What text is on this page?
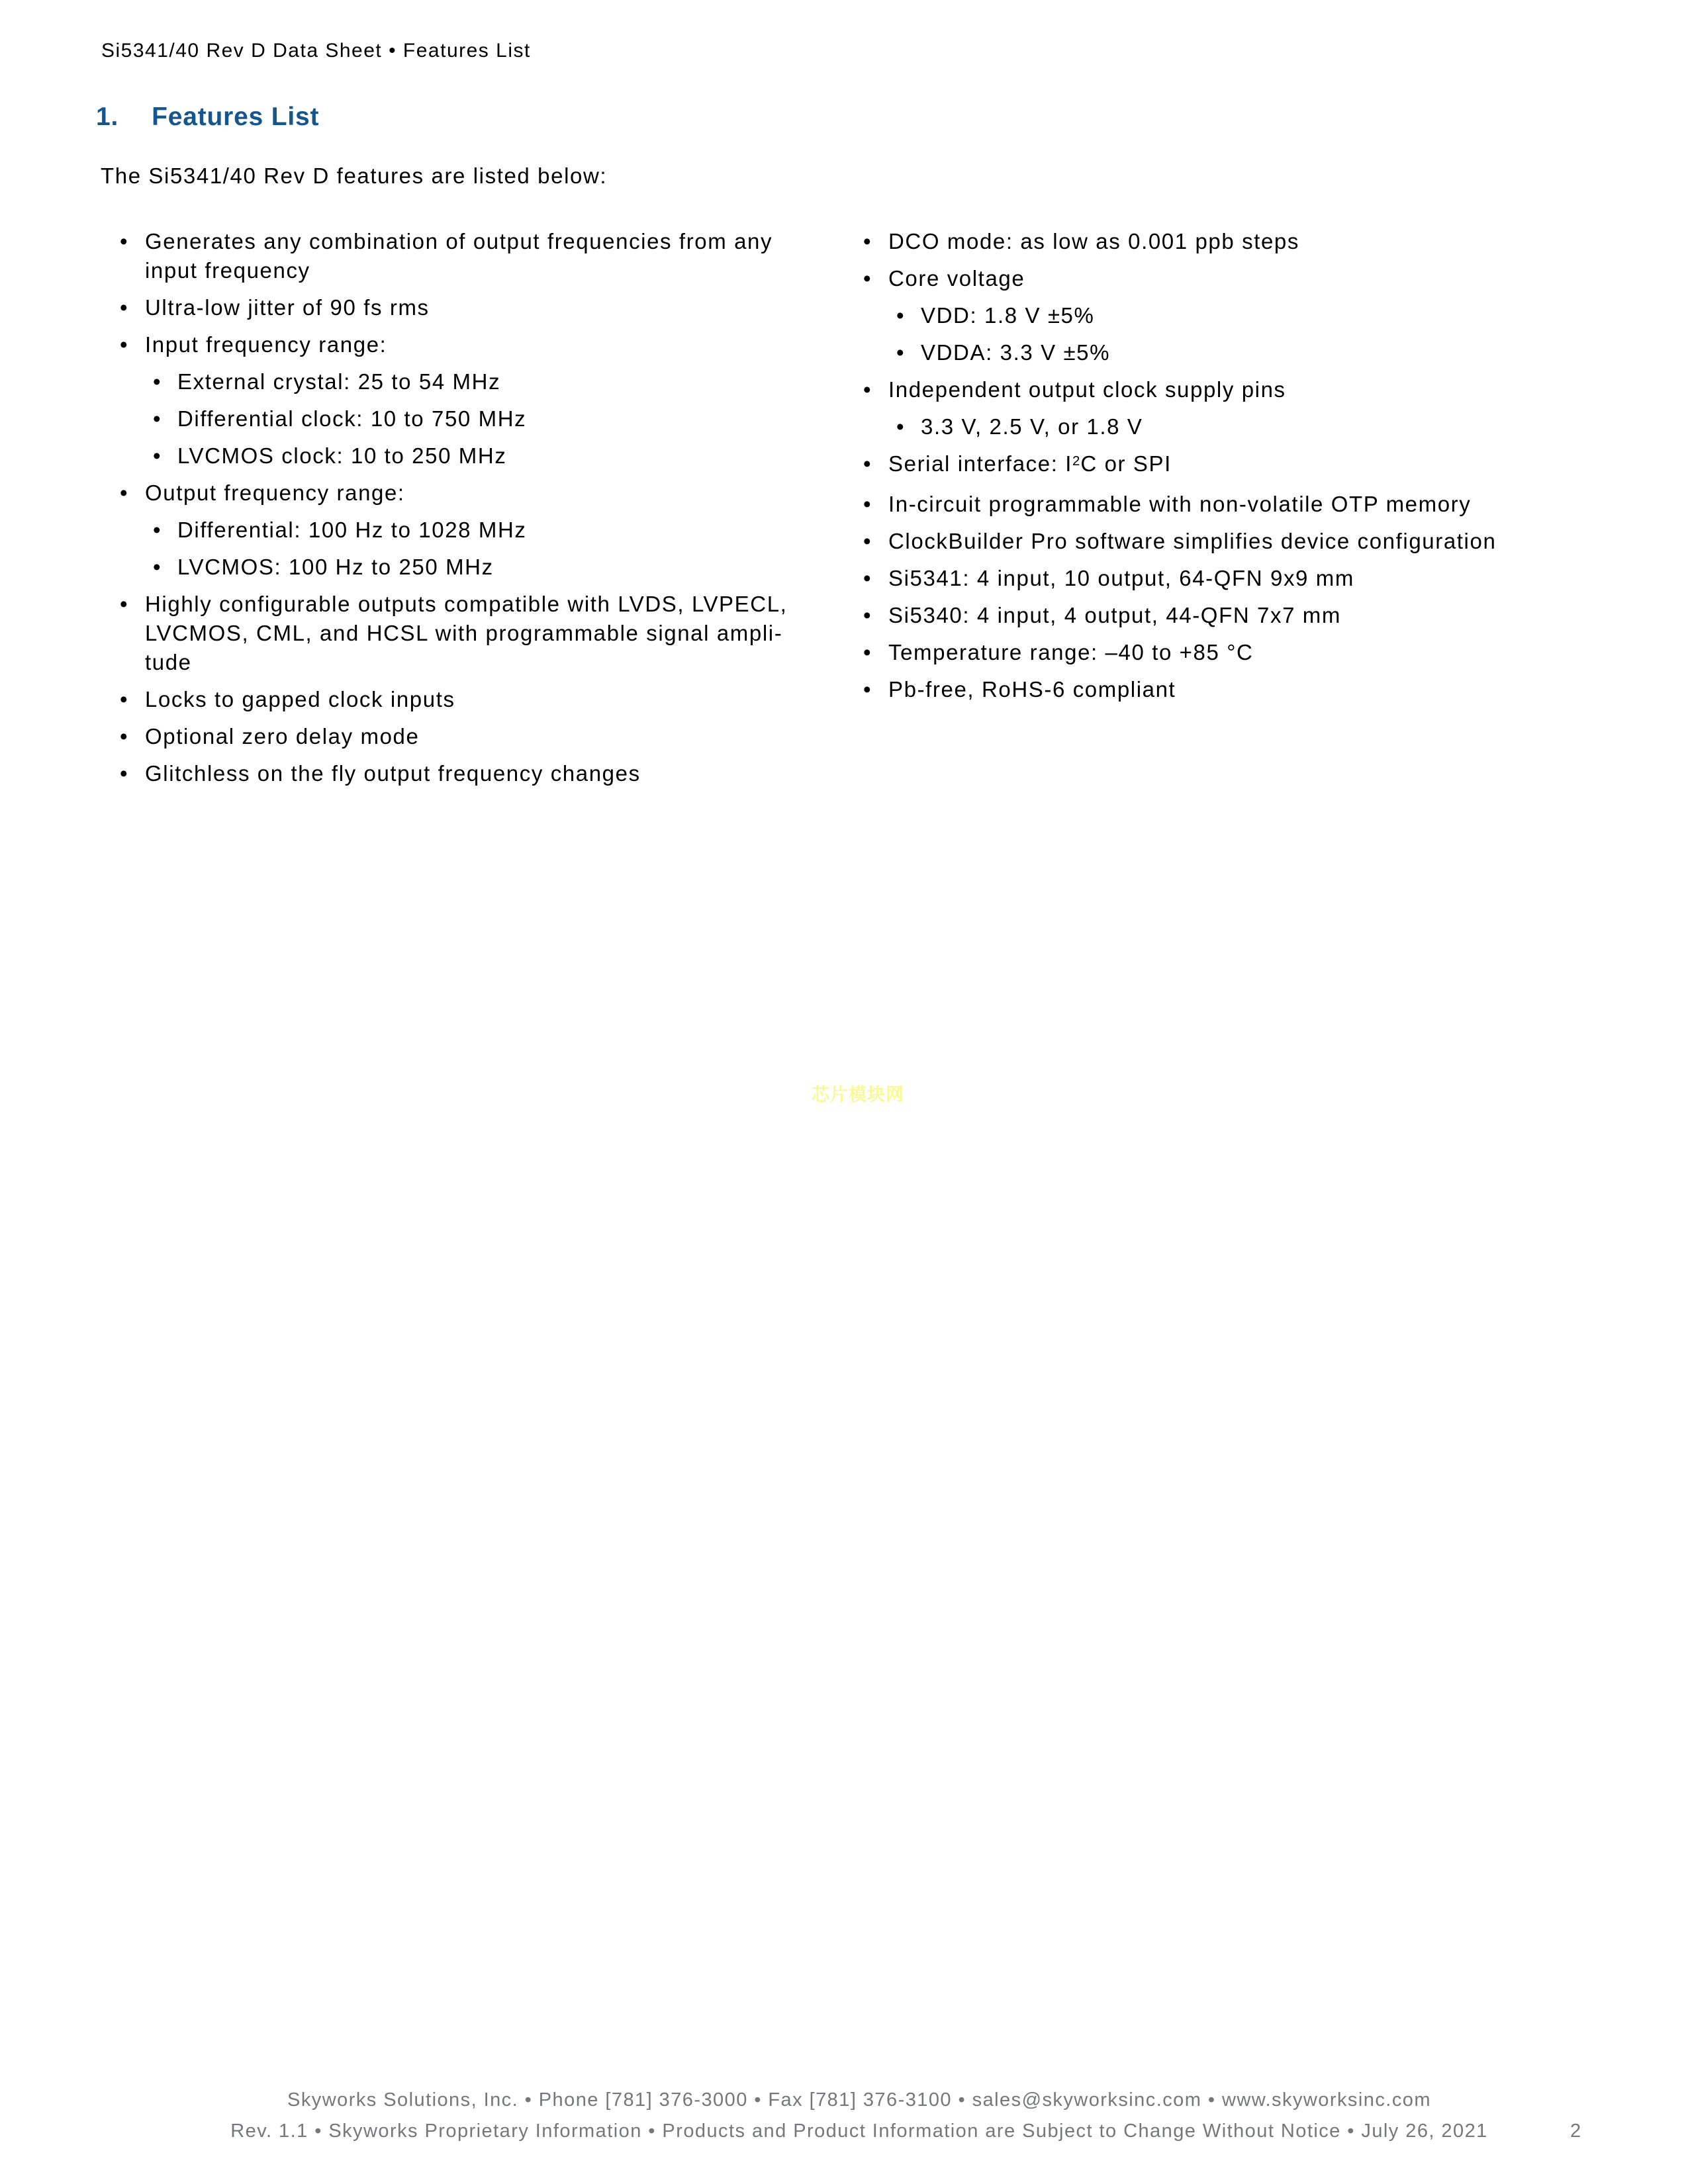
Si5341/40 Rev D Data Sheet • Features List
1. Features List

The Si5341/40 Rev D features are listed below:

• Generates any combination of output frequencies from any input frequency
• Ultra-low jitter of 90 fs rms
• Input frequency range:
• External crystal: 25 to 54 MHz
• Differential clock: 10 to 750 MHz
• LVCMOS clock: 10 to 250 MHz
• Output frequency range:
• Differential: 100 Hz to 1028 MHz
• LVCMOS: 100 Hz to 250 MHz
• Highly configurable outputs compatible with LVDS, LVPECL, LVCMOS, CML, and HCSL with programmable signal amplitude
• Locks to gapped clock inputs
• Optional zero delay mode
• Glitchless on the fly output frequency changes
• DCO mode: as low as 0.001 ppb steps
• Core voltage
• VDD: 1.8 V ±5%
• VDDA: 3.3 V ±5%
• Independent output clock supply pins
• 3.3 V, 2.5 V, or 1.8 V
• Serial interface: $I^2C$ or SPI
• In-circuit programmable with non-volatile OTP memory
• ClockBuilder Pro software simplifies device configuration
• Si5341: 4 input, 10 output, 64-QFN 9x9 mm
• Si5340: 4 input, 4 output, 44-QFN 7x7 mm
• Temperature range: –40 to +85 °C
• Pb-free, RoHS-6 compliant
芯片模块网
Skyworks Solutions, Inc. • Phone [781] 376-3000 • Fax [781] 376-3100 • sales@skyworksinc.com • www.skyworksinc.com
Rev. 1.1 • Skyworks Proprietary Information • Products and Product Information are Subject to Change Without Notice • July 26, 2021	2
